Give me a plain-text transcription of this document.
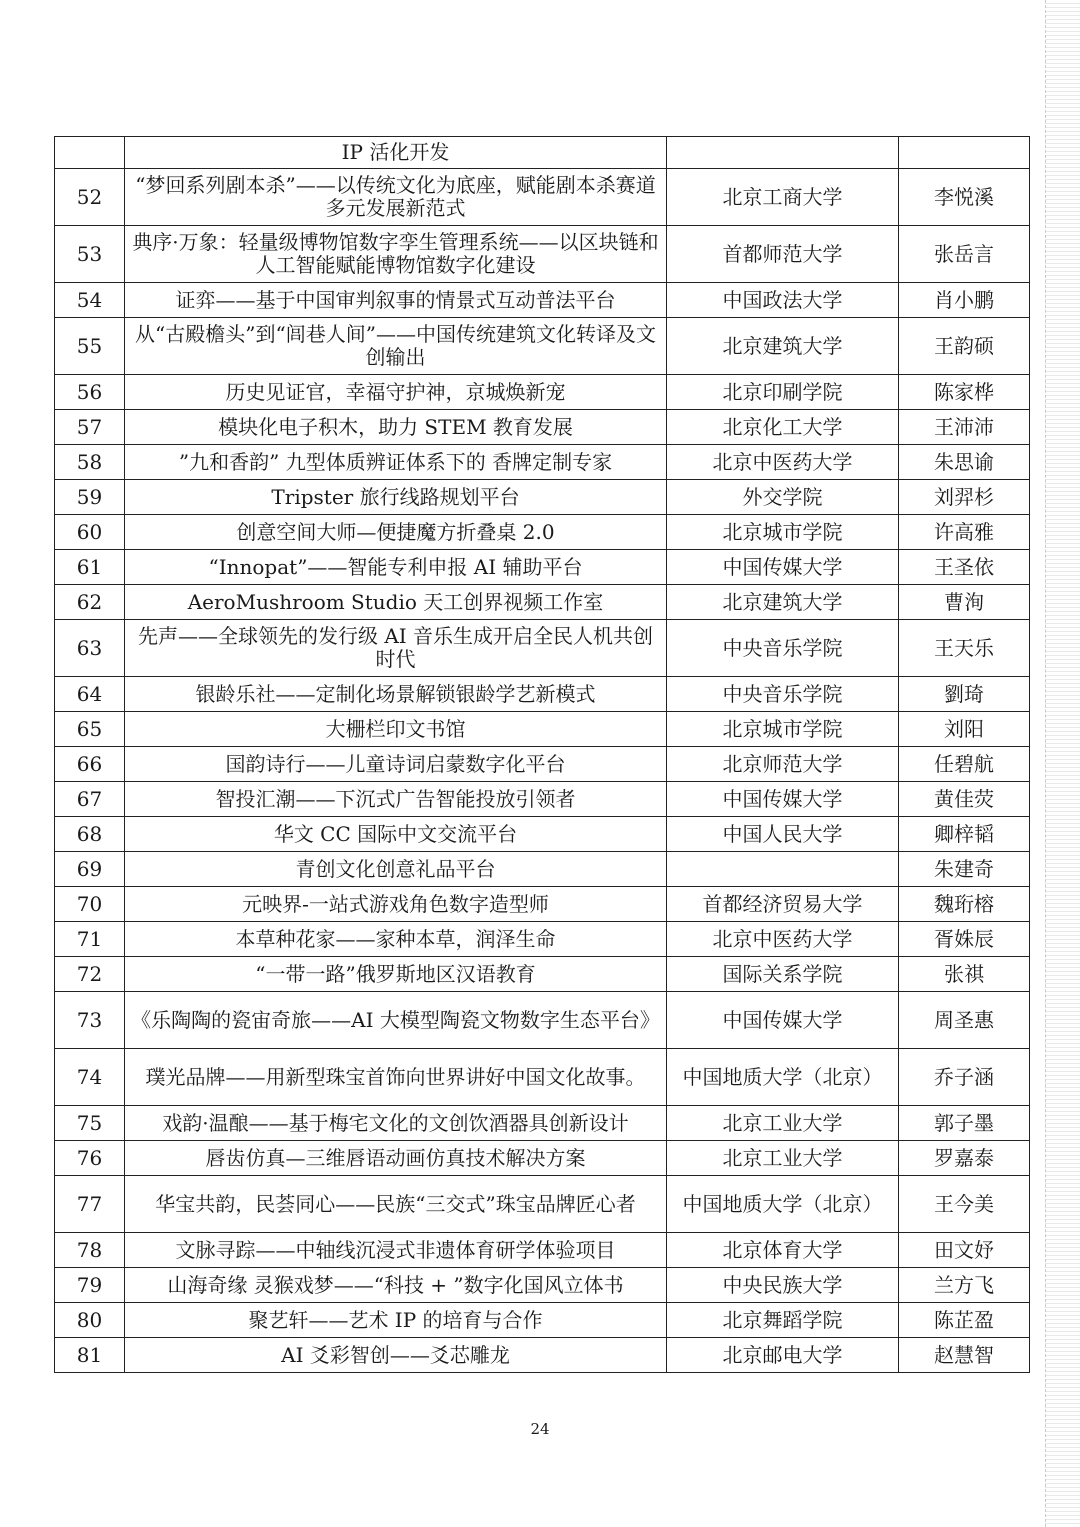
	IP 活化开发		
52	“梦回系列剧本杀”——以传统文化为底座，赋能剧本杀赛道多元发展新范式	北京工商大学	李悦溪
53	典序·万象：轻量级博物馆数字孪生管理系统——以区块链和人工智能赋能博物馆数字化建设	首都师范大学	张岳言
54	证弈——基于中国审判叙事的情景式互动普法平台	中国政法大学	肖小鹏
55	从“古殿檐头”到“闾巷人间”——中国传统建筑文化转译及文创输出	北京建筑大学	王韵硕
56	历史见证官，幸福守护神，京城焕新宠	北京印刷学院	陈家桦
57	模块化电子积木，助力 STEM 教育发展	北京化工大学	王沛沛
58	”九和香韵” 九型体质辨证体系下的 香牌定制专家	北京中医药大学	朱思谕
59	Tripster 旅行线路规划平台	外交学院	刘羿杉
60	创意空间大师—便捷魔方折叠桌 2.0	北京城市学院	许高雅
61	“Innopat”——智能专利申报 AI 辅助平台	中国传媒大学	王圣依
62	AeroMushroom Studio 天工创界视频工作室	北京建筑大学	曹洵
63	先声——全球领先的发行级 AI 音乐生成开启全民人机共创时代	中央音乐学院	王天乐
64	银龄乐社——定制化场景解锁银龄学艺新模式	中央音乐学院	劉琦
65	大栅栏印文书馆	北京城市学院	刘阳
66	国韵诗行——儿童诗词启蒙数字化平台	北京师范大学	任碧航
67	智投汇潮——下沉式广告智能投放引领者	中国传媒大学	黄佳荧
68	华文 CC 国际中文交流平台	中国人民大学	卿梓韬
69	青创文化创意礼品平台		朱建奇
70	元映界-一站式游戏角色数字造型师	首都经济贸易大学	魏珩榕
71	本草种花家——家种本草，润泽生命	北京中医药大学	胥姝辰
72	“一带一路”俄罗斯地区汉语教育	国际关系学院	张祺
73	《乐陶陶的瓷宙奇旅——AI 大模型陶瓷文物数字生态平台》	中国传媒大学	周圣惠
74	璞光品牌——用新型珠宝首饰向世界讲好中国文化故事。	中国地质大学（北京）	乔子涵
75	戏韵·温酿——基于梅宅文化的文创饮酒器具创新设计	北京工业大学	郭子墨
76	唇齿仿真—三维唇语动画仿真技术解决方案	北京工业大学	罗嘉泰
77	华宝共韵，民荟同心——民族“三交式”珠宝品牌匠心者	中国地质大学（北京）	王今美
78	文脉寻踪——中轴线沉浸式非遗体育研学体验项目	北京体育大学	田文妤
79	山海奇缘 灵猴戏梦——“科技 + ”数字化国风立体书	中央民族大学	兰方飞
80	聚艺轩——艺术 IP 的培育与合作	北京舞蹈学院	陈芷盈
81	AI 爻彩智创——爻芯雕龙	北京邮电大学	赵慧智
24
